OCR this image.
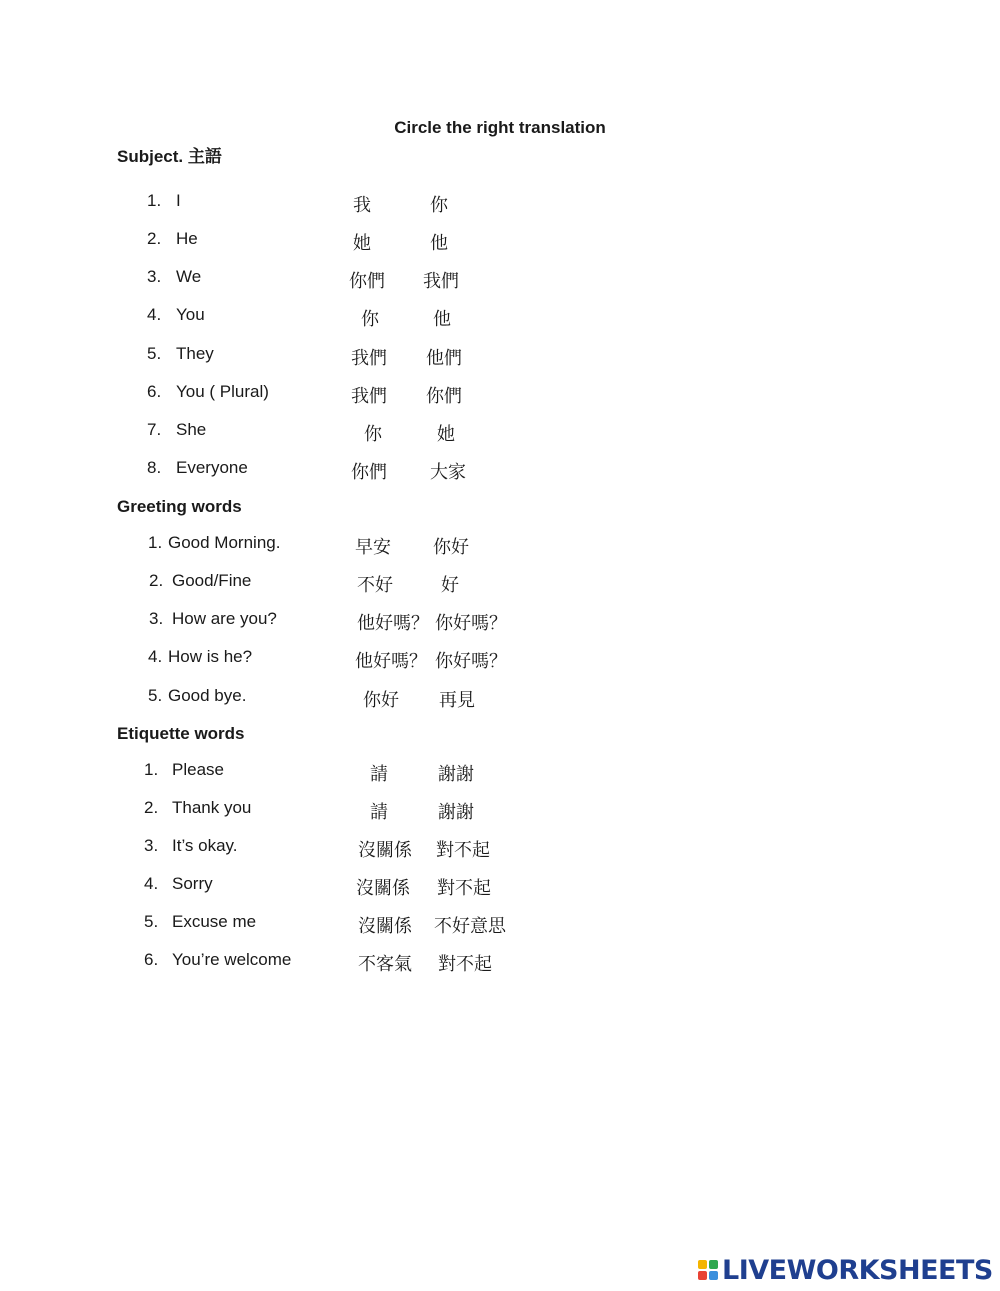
Circle the right translation
Subject. 主語
1. I	我	你
2. He	她	他
3. We	你們 我們
4. You	你	他
5. They	我們 他們
6. You ( Plural)	我們 你們
7. She	你	她
8. Everyone	你們 大家
Greeting words
1. Good Morning.	早安 你好
2. Good/Fine	不好	好
3. How are you?	他好嗎？ 你好嗎？
4. How is he?	他好嗎？ 你好嗎？
5. Good bye.	你好 再見
Etiquette words
1. Please	請	謝謝
2. Thank you	請	謝謝
3. It’s okay.	沒關係 對不起
4. Sorry	沒關係 對不起
5. Excuse me	沒關係 不好意思
6. You’re welcome	不客氣 對不起
LIVEWORKSHEETS
